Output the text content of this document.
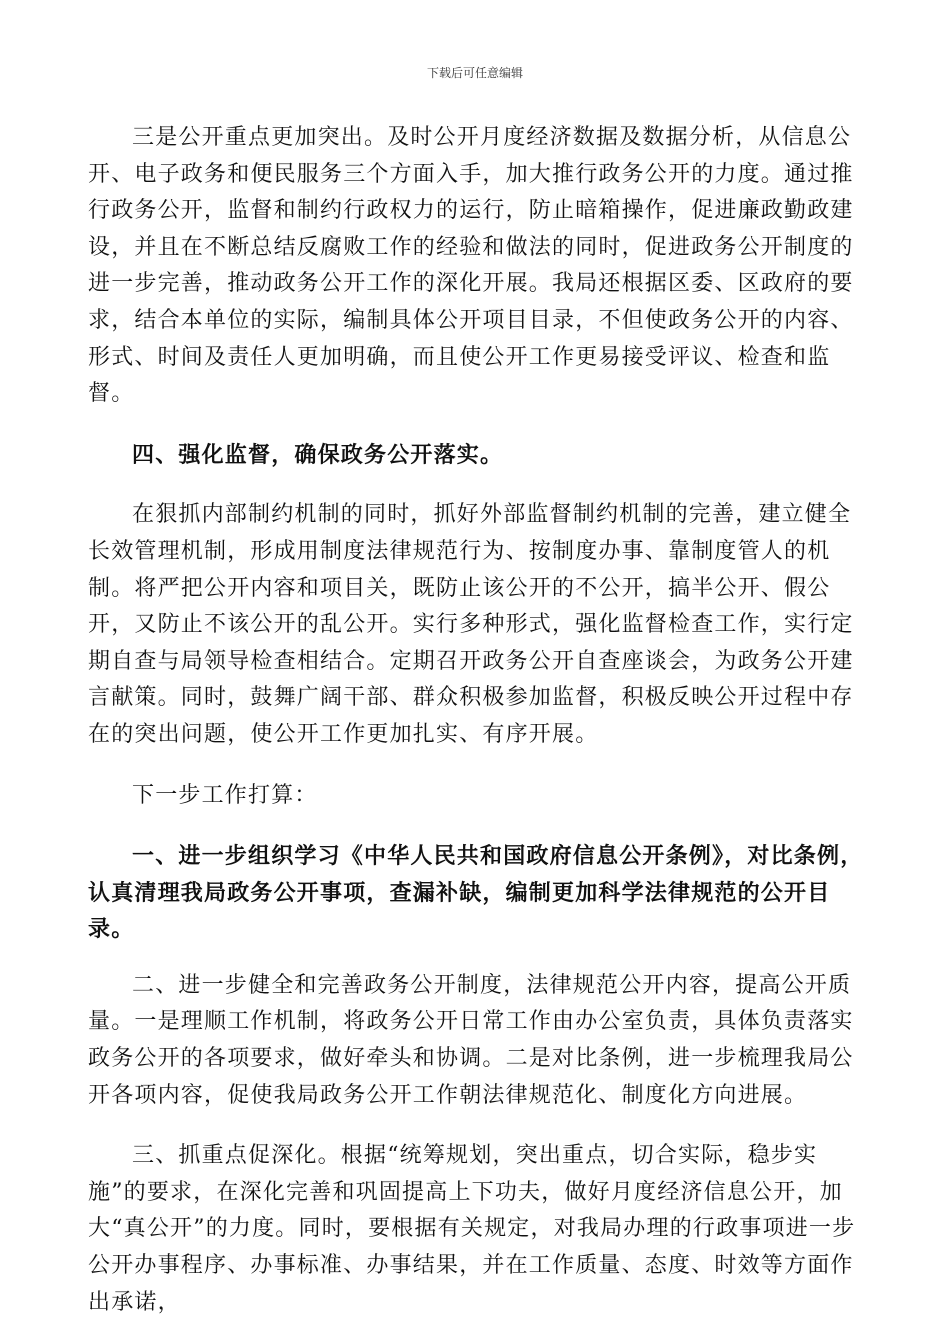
下载后可任意编辑

三是公开重点更加突出。及时公开月度经济数据及数据分析，从信息公开、电子政务和便民服务三个方面入手，加大推行政务公开的力度。通过推行政务公开，监督和制约行政权力的运行，防止暗箱操作，促进廉政勤政建设，并且在不断总结反腐败工作的经验和做法的同时，促进政务公开制度的进一步完善，推动政务公开工作的深化开展。我局还根据区委、区政府的要求，结合本单位的实际，编制具体公开项目目录，不但使政务公开的内容、形式、时间及责任人更加明确，而且使公开工作更易接受评议、检查和监督。

四、强化监督，确保政务公开落实。

在狠抓内部制约机制的同时，抓好外部监督制约机制的完善，建立健全长效管理机制，形成用制度法律规范行为、按制度办事、靠制度管人的机制。将严把公开内容和项目关，既防止该公开的不公开，搞半公开、假公开，又防止不该公开的乱公开。实行多种形式，强化监督检查工作，实行定期自查与局领导检查相结合。定期召开政务公开自查座谈会，为政务公开建言献策。同时，鼓舞广阔干部、群众积极参加监督，积极反映公开过程中存在的突出问题，使公开工作更加扎实、有序开展。

下一步工作打算：

一、进一步组织学习《中华人民共和国政府信息公开条例》，对比条例，认真清理我局政务公开事项，查漏补缺，编制更加科学法律规范的公开目录。

二、进一步健全和完善政务公开制度，法律规范公开内容，提高公开质量。一是理顺工作机制，将政务公开日常工作由办公室负责，具体负责落实政务公开的各项要求，做好牵头和协调。二是对比条例，进一步梳理我局公开各项内容，促使我局政务公开工作朝法律规范化、制度化方向进展。

三、抓重点促深化。根据“统筹规划，突出重点，切合实际，稳步实施”的要求，在深化完善和巩固提高上下功夫，做好月度经济信息公开，加大“真公开”的力度。同时，要根据有关规定，对我局办理的行政事项进一步公开办事程序、办事标准、办事结果，并在工作质量、态度、时效等方面作出承诺，
